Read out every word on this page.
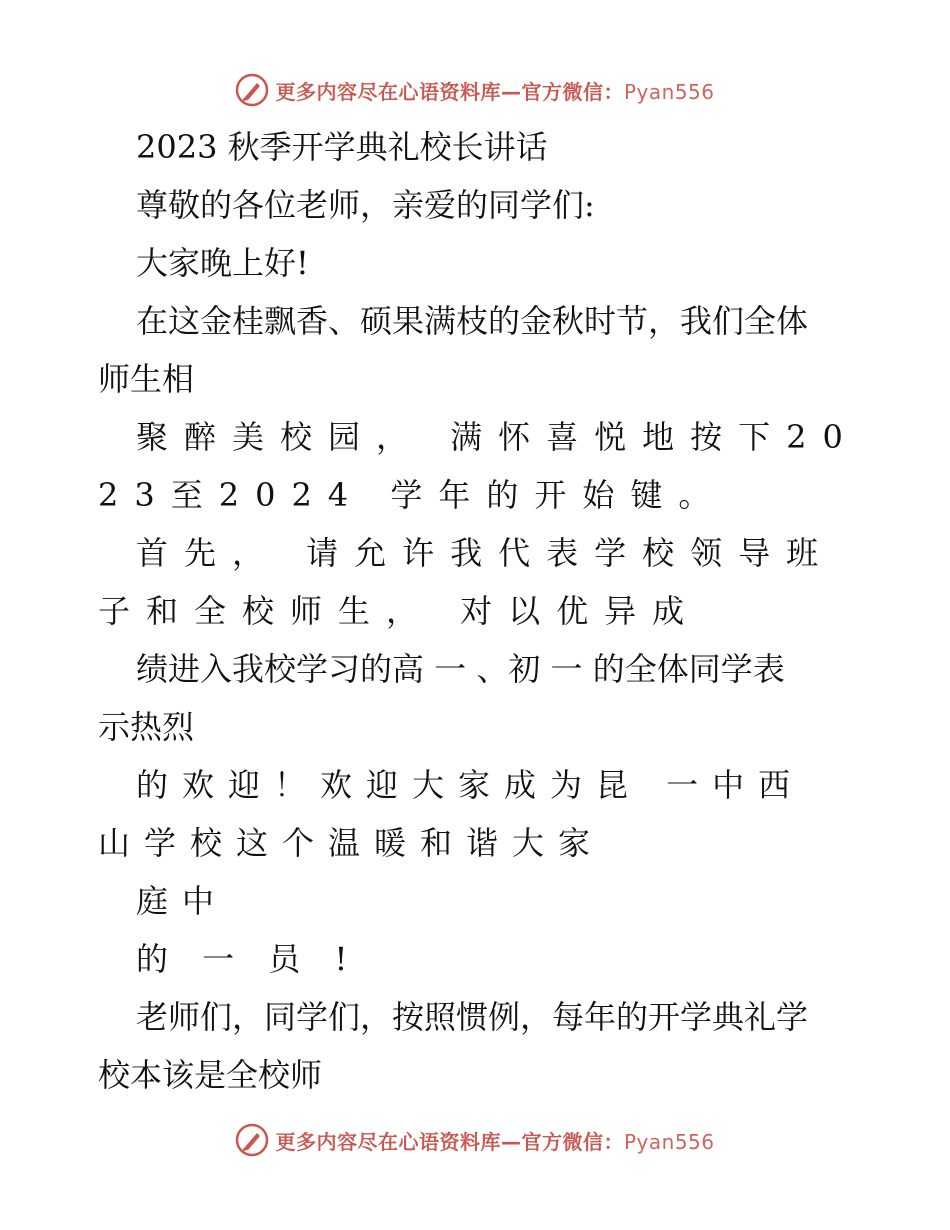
更多内容尽在心语资料库—官方微信：Pyan556
2023 秋季开学典礼校长讲话
尊敬的各位老师，亲爱的同学们:
大家晚上好!
在这金桂飘香、硕果满枝的金秋时节，我们全体
师生相
聚醉美校园， 满怀喜悦地按下20
23至2024 学年的开始键。
首先， 请允许我代表学校领导班
子和全校师生， 对以优异成
绩进入我校学习的高 一 、初 一 的全体同学表
示热烈
的欢迎！欢迎大家成为昆 一中西
山学校这个温暖和谐大家
庭中
的 一 员 !
老师们，同学们，按照惯例，每年的开学典礼学
校本该是全校师
更多内容尽在心语资料库—官方微信：Pyan556
